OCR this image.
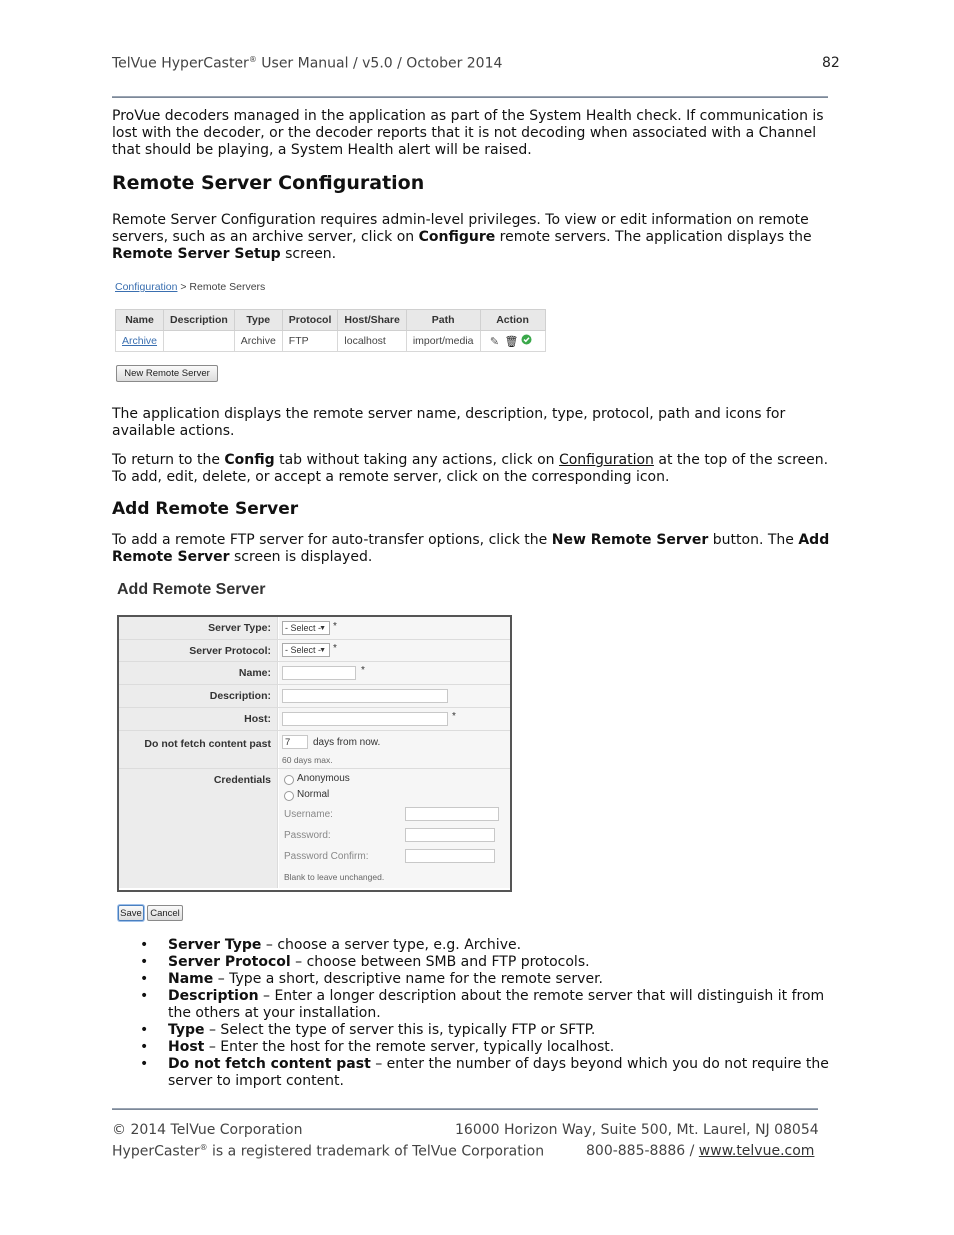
TelVue HyperCaster® User Manual / v5.0 / October 2014	82
ProVue decoders managed in the application as part of the System Health check. If communication is lost with the decoder, or the decoder reports that it is not decoding when associated with a Channel that should be playing, a System Health alert will be raised.
Remote Server Configuration
Remote Server Configuration requires admin-level privileges. To view or edit information on remote servers, such as an archive server, click on Configure remote servers. The application displays the Remote Server Setup screen.
Configuration > Remote Servers
Name	Description	Type	Protocol	Host/Share	Path	Action
Archive		Archive	FTP	localhost	import/media	✎ 🗑
New Remote Server
The application displays the remote server name, description, type, protocol, path and icons for available actions.
To return to the Config tab without taking any actions, click on Configuration at the top of the screen. To add, edit, delete, or accept a remote server, click on the corresponding icon.
Add Remote Server
To add a remote FTP server for auto-transfer options, click the New Remote Server button. The Add Remote Server screen is displayed.
Add Remote Server
Server Type:	- Select -
▼ *
Server Protocol:	- Select -
▼ *
Name:	*
Description:
Host:	*
Do not fetch content past	7	days from now.
60 days max.
Credentials	Anonymous
Normal
Username:
Password:
Password Confirm:
Blank to leave unchanged.
Save Cancel
• Server Type – choose a server type, e.g. Archive.
• Server Protocol – choose between SMB and FTP protocols.
• Name – Type a short, descriptive name for the remote server.
• Description – Enter a longer description about the remote server that will distinguish it from the others at your installation.
• Type – Select the type of server this is, typically FTP or SFTP.
• Host – Enter the host for the remote server, typically localhost.
• Do not fetch content past – enter the number of days beyond which you do not require the server to import content.
© 2014 TelVue Corporation	16000 Horizon Way, Suite 500, Mt. Laurel, NJ 08054
HyperCaster® is a registered trademark of TelVue Corporation	800-885-8886 / www.telvue.com
